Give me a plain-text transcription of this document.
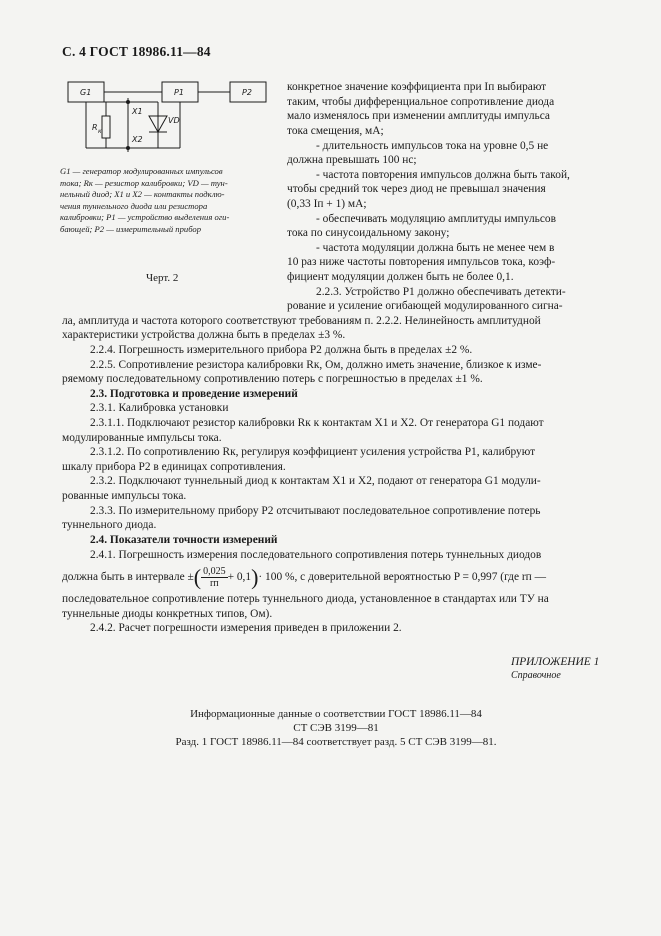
С. 4 ГОСТ 18986.11—84
G1	P1	P2
X1
X2
R к
VD
G1 — генератор модулированных импульсов
тока; Rк — резистор калибровки; VD — тун-
нельный диод; X1 и X2 — контакты подклю-
чения туннельного диода или резистора
калибровки; P1 — устройство выделения оги-
бающей; P2 — измерительный прибор
Черт. 2
конкретное значение коэффициента при Iп выбирают
таким, чтобы дифференциальное сопротивление диода
мало изменялось при изменении амплитуды импульса
тока смещения, мА;
- длительность импульсов тока на уровне 0,5 не
должна превышать 100 нс;
- частота повторения импульсов должна быть такой,
чтобы средний ток через диод не превышал значения
(0,33 Iп + 1) мА;
- обеспечивать модуляцию амплитуды импульсов
тока по синусоидальному закону;
- частота модуляции должна быть не менее чем в
10 раз ниже частоты повторения импульсов тока, коэф-
фициент модуляции должен быть не более 0,1.
2.2.3. Устройство P1 должно обеспечивать детекти-
рование и усиление огибающей модулированного сигна-
ла, амплитуда и частота которого соответствуют требованиям п. 2.2.2. Нелинейность амплитудной
характеристики устройства должна быть в пределах ±3 %.
2.2.4. Погрешность измерительного прибора P2 должна быть в пределах ±2 %.
2.2.5. Сопротивление резистора калибровки Rк, Ом, должно иметь значение, близкое к изме-
ряемому последовательному сопротивлению потерь с погрешностью в пределах ±1 %.
2.3. Подготовка и проведение измерений
2.3.1. Калибровка установки
2.3.1.1. Подключают резистор калибровки Rк к контактам X1 и X2. От генератора G1 подают
модулированные импульсы тока.
2.3.1.2. По сопротивлению Rк, регулируя коэффициент усиления устройства P1, калибруют
шкалу прибора P2 в единицах сопротивления.
2.3.2. Подключают туннельный диод к контактам X1 и X2, подают от генератора G1 модули-
рованные импульсы тока.
2.3.3. По измерительному прибору P2 отсчитывают последовательное сопротивление потерь
туннельного диода.
2.4. Показатели точности измерений
2.4.1. Погрешность измерения последовательного сопротивления потерь туннельных диодов
должна быть в интервале ±( $\frac{0,025}{rп} + 0,1)\cdot 100$ %, с доверительной вероятностью P = 0,997 (где rп —
последовательное сопротивление потерь туннельного диода, установленное в стандартах или ТУ на
туннельные диоды конкретных типов, Ом).
2.4.2. Расчет погрешности измерения приведен в приложении 2.
ПРИЛОЖЕНИЕ 1
Справочное
Информационные данные о соответствии ГОСТ 18986.11—84
СТ СЭВ 3199—81
Разд. 1 ГОСТ 18986.11—84 соответствует разд. 5 СТ СЭВ 3199—81.
